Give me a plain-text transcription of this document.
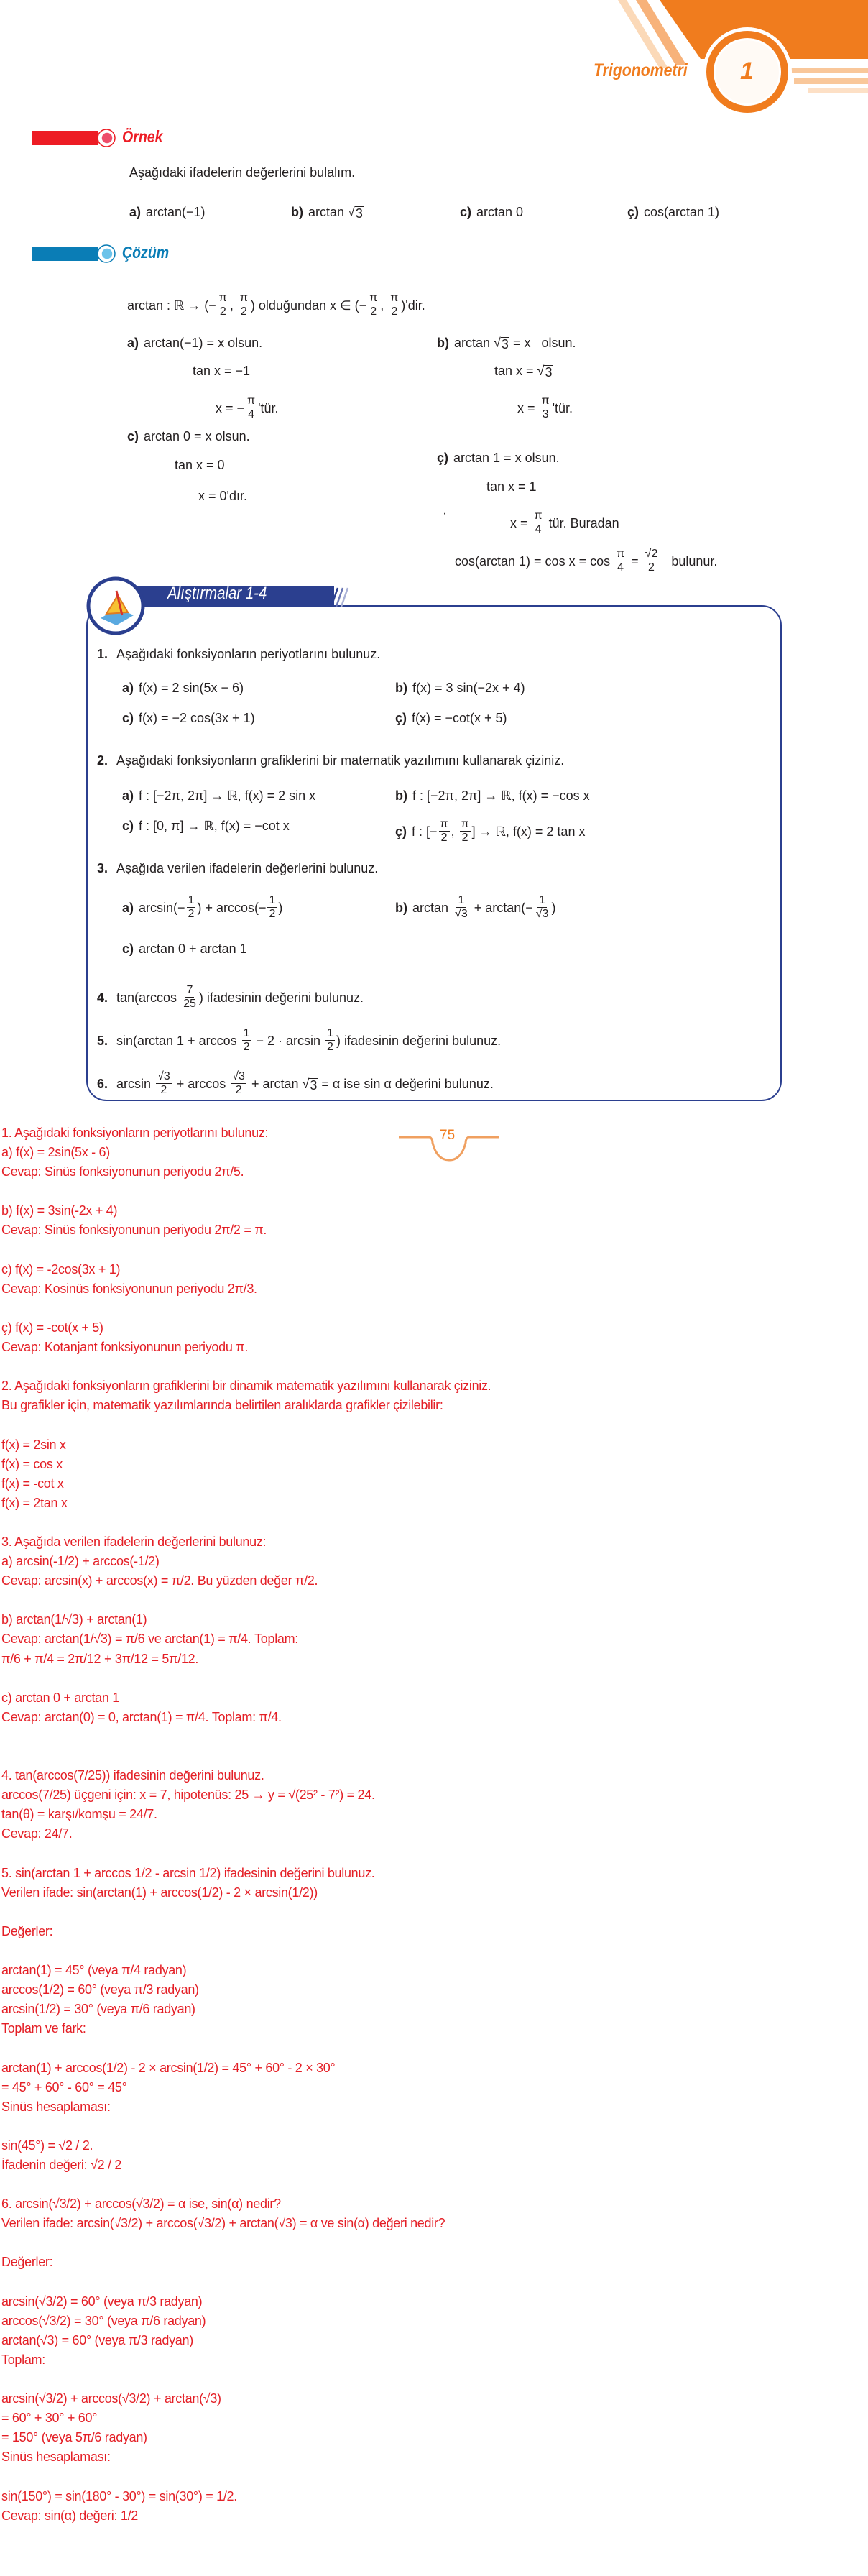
Trigonometri 1
Örnek
Aşağıdaki ifadelerin değerlerini bulalım.
a) arctan(−1)	b) arctan √ 3	c) arctan 0	ç) cos(arctan 1)
Çözüm
arctan : ℝ → (− $\frac{\pi}{2}$ , $\frac{\pi}{2}$ ) olduğundan x ∈ (− $\frac{\pi}{2}$ , $\frac{\pi}{2} )'dir$.
a) arctan(−1) = x olsun.
tan x = −1
x = − $\frac{\pi}{4}$ 'tür.
b) arctan √ 3 = x   olsun.
tan x = √ 3
$x = \frac{\pi}{3}$ 'tür.
c) arctan 0 = x olsun.
tan x = 0
x = 0'dır.
ç) arctan 1 = x olsun.
tan x = 1
,
$x = \frac{\pi}{4}$ tür. Buradan
cos(arctan $1) = \cos x = \cos \frac{\pi}{4} = \frac{√2}{2}$ bulunur.
Alıştırmalar 1-4
1. Aşağıdaki fonksiyonların periyotlarını bulunuz.
a) f(x) = 2 sin(5x − 6)	b) f(x) = 3 sin(−2x + 4)
c) f(x) = −2 cos(3x + 1)	ç) f(x) = −cot(x + 5)
2. Aşağıdaki fonksiyonların grafiklerini bir matematik yazılımını kullanarak çiziniz.
a) f : [−2π, 2π] → ℝ, f(x) = 2 sin x	b) f : [−2π, 2π] → ℝ, f(x) = −cos x
c) f : [0, π] → ℝ, f(x) = −cot x	ç) f : [− $\frac{\pi}{2}$ , $\frac{\pi}{2}$ ] → ℝ, f(x) = 2 tan x
3. Aşağıda verilen ifadelerin değerlerini bulunuz.
a) $\arcsin(- \frac{1}{2}$ ) + $\arccos(- \frac{1}{2}$ )	b) $\arctan \frac{1}{√3} + \arctan(- \frac{1}{√3}$ )
c) arctan 0 + arctan 1
4. $\tan(\arccos \frac{7}{25}$ ) ifadesinin değerini bulunuz.
5. sin(arctan $1 + \arccos \frac{1}{2} - 2 \cdot \arcsin \frac{1}{2}$ ) ifadesinin değerini bulunuz.
6. $\arcsin \frac{√3}{2} + \arccos \frac{√3}{2} + \arctan$ √ 3 = α ise sin α değerini bulunuz.
75
1. Aşağıdaki fonksiyonların periyotlarını bulunuz:
a) f(x) = 2sin(5x - 6)
Cevap: Sinüs fonksiyonunun periyodu 2π/5.
b) f(x) = 3sin(-2x + 4)
Cevap: Sinüs fonksiyonunun periyodu 2π/2 = π.
c) f(x) = -2cos(3x + 1)
Cevap: Kosinüs fonksiyonunun periyodu 2π/3.
ç) f(x) = -cot(x + 5)
Cevap: Kotanjant fonksiyonunun periyodu π.
2. Aşağıdaki fonksiyonların grafiklerini bir dinamik matematik yazılımını kullanarak çiziniz.
Bu grafikler için, matematik yazılımlarında belirtilen aralıklarda grafikler çizilebilir:
f(x) = 2sin x
f(x) = cos x
f(x) = -cot x
f(x) = 2tan x
3. Aşağıda verilen ifadelerin değerlerini bulunuz:
a) arcsin(-1/2) + arccos(-1/2)
Cevap: arcsin(x) + arccos(x) = π/2. Bu yüzden değer π/2.
b) arctan(1/√3) + arctan(1)
Cevap: arctan(1/√3) = π/6 ve arctan(1) = π/4. Toplam:
π/6 + π/4 = 2π/12 + 3π/12 = 5π/12.
c) arctan 0 + arctan 1
Cevap: arctan(0) = 0, arctan(1) = π/4. Toplam: π/4.
4. tan(arccos(7/25)) ifadesinin değerini bulunuz.
arccos(7/25) üçgeni için: x = 7, hipotenüs: 25 → y = √(25² - 7²) = 24.
tan(θ) = karşı/komşu = 24/7.
Cevap: 24/7.
5. sin(arctan 1 + arccos 1/2 - arcsin 1/2) ifadesinin değerini bulunuz.
Verilen ifade: sin(arctan(1) + arccos(1/2) - 2 × arcsin(1/2))
Değerler:
arctan(1) = 45° (veya π/4 radyan)
arccos(1/2) = 60° (veya π/3 radyan)
arcsin(1/2) = 30° (veya π/6 radyan)
Toplam ve fark:
arctan(1) + arccos(1/2) - 2 × arcsin(1/2) = 45° + 60° - 2 × 30°
= 45° + 60° - 60° = 45°
Sinüs hesaplaması:
sin(45°) = √2 / 2.
İfadenin değeri: √2 / 2
6. arcsin(√3/2) + arccos(√3/2) = α ise, sin(α) nedir?
Verilen ifade: arcsin(√3/2) + arccos(√3/2) + arctan(√3) = α ve sin(α) değeri nedir?
Değerler:
arcsin(√3/2) = 60° (veya π/3 radyan)
arccos(√3/2) = 30° (veya π/6 radyan)
arctan(√3) = 60° (veya π/3 radyan)
Toplam:
arcsin(√3/2) + arccos(√3/2) + arctan(√3)
= 60° + 30° + 60°
= 150° (veya 5π/6 radyan)
Sinüs hesaplaması:
sin(150°) = sin(180° - 30°) = sin(30°) = 1/2.
Cevap: sin(α) değeri: 1/2
